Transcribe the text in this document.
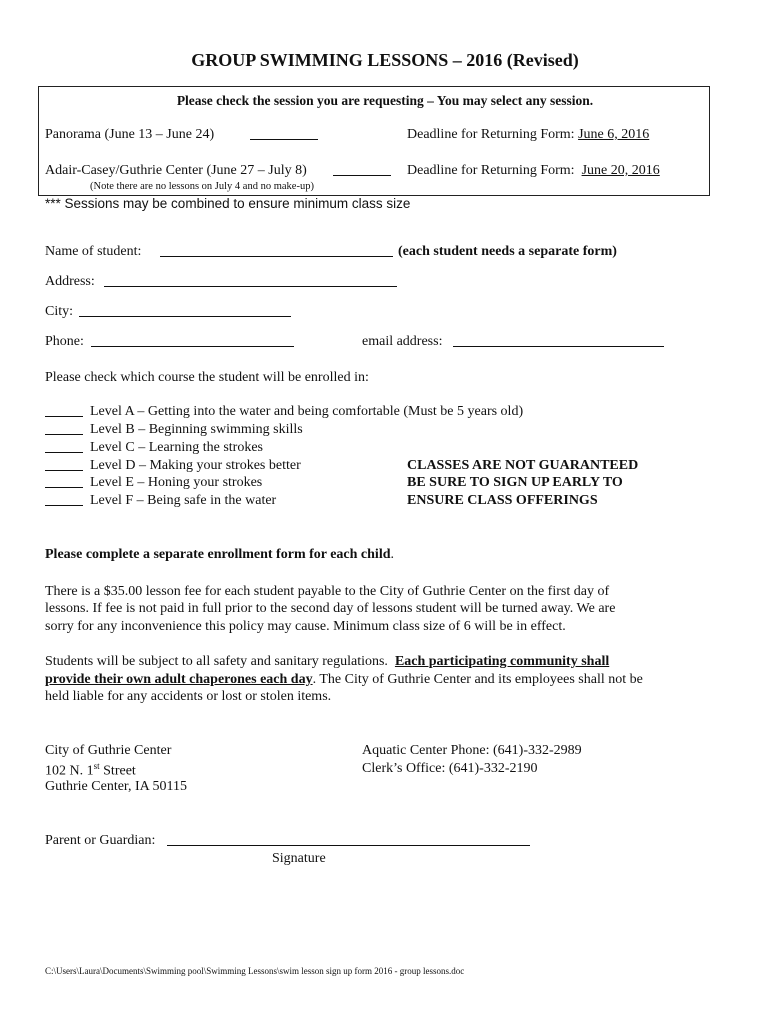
GROUP SWIMMING LESSONS – 2016 (Revised)
Please check the session you are requesting – You may select any session.
Panorama (June 13 – June 24)	Deadline for Returning Form: June 6, 2016
Adair-Casey/Guthrie Center (June 27 – July 8)	Deadline for Returning Form: June 20, 2016
(Note there are no lessons on July 4 and no make-up)
*** Sessions may be combined to ensure minimum class size
Name of student:	(each student needs a separate form)
Address:
City:
Phone:	email address:
Please check which course the student will be enrolled in:
Level A – Getting into the water and being comfortable (Must be 5 years old)
Level B – Beginning swimming skills
Level C – Learning the strokes
Level D – Making your strokes better
Level E – Honing your strokes
Level F – Being safe in the water
CLASSES ARE NOT GUARANTEED
BE SURE TO SIGN UP EARLY TO
ENSURE CLASS OFFERINGS
Please complete a separate enrollment form for each child.
There is a $35.00 lesson fee for each student payable to the City of Guthrie Center on the first day of
lessons. If fee is not paid in full prior to the second day of lessons student will be turned away. We are
sorry for any inconvenience this policy may cause. Minimum class size of 6 will be in effect.
Students will be subject to all safety and sanitary regulations. Each participating community shall
provide their own adult chaperones each day. The City of Guthrie Center and its employees shall not be
held liable for any accidents or lost or stolen items.
City of Guthrie Center
102 N. 1st Street
Guthrie Center, IA 50115
Aquatic Center Phone: (641)-332-2989
Clerk’s Office: (641)-332-2190
Parent or Guardian:
Signature
C:\Users\Laura\Documents\Swimming pool\Swimming Lessons\swim lesson sign up form 2016 - group lessons.doc
